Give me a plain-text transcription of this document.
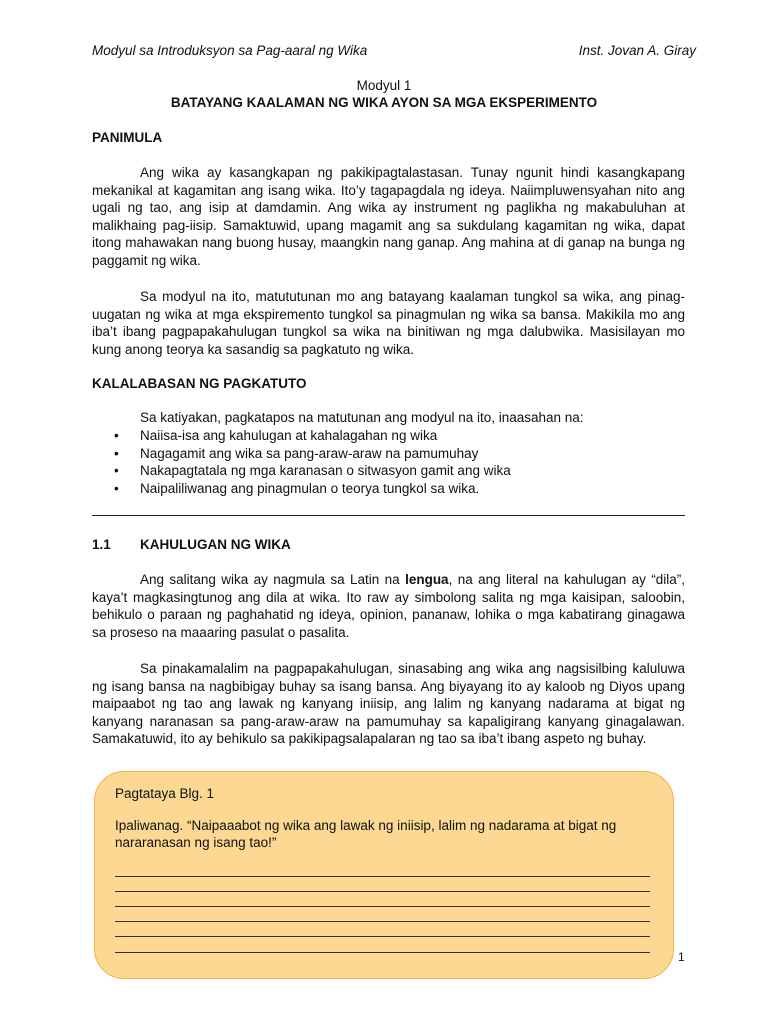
Modyul sa Introduksyon sa Pag-aaral ng Wika	Inst. Jovan A. Giray
Modyul 1
BATAYANG KAALAMAN NG WIKA AYON SA MGA EKSPERIMENTO
PANIMULA

Ang wika ay kasangkapan ng pakikipagtalastasan. Tunay ngunit hindi kasangkapang mekanikal at kagamitan ang isang wika. Ito’y tagapagdala ng ideya. Naiimpluwensyahan nito ang ugali ng tao, ang isip at damdamin. Ang wika ay instrument ng paglikha ng makabuluhan at malikhaing pag-iisip. Samaktuwid, upang magamit ang sa sukdulang kagamitan ng wika, dapat itong mahawakan nang buong husay, maangkin nang ganap. Ang mahina at di ganap na bunga ng paggamit ng wika.

Sa modyul na ito, matututunan mo ang batayang kaalaman tungkol sa wika, ang pinag-uugatan ng wika at mga ekspiremento tungkol sa pinagmulan ng wika sa bansa. Makikila mo ang iba’t ibang pagpapakahulugan tungkol sa wika na binitiwan ng mga dalubwika. Masisilayan mo kung anong teorya ka sasandig sa pagkatuto ng wika.

KALALABASAN NG PAGKATUTO
Sa katiyakan, pagkatapos na matutunan ang modyul na ito, inaasahan na:
• Naiisa-isa ang kahulugan at kahalagahan ng wika
• Nagagamit ang wika sa pang-araw-araw na pamumuhay
• Nakapagtatala ng mga karanasan o sitwasyon gamit ang wika
• Naipaliliwanag ang pinagmulan o teorya tungkol sa wika.
1.1 KAHULUGAN NG WIKA

Ang salitang wika ay nagmula sa Latin na lengua, na ang literal na kahulugan ay “dila”, kaya’t magkasingtunog ang dila at wika. Ito raw ay simbolong salita ng mga kaisipan, saloobin, behikulo o paraan ng paghahatid ng ideya, opinion, pananaw, lohika o mga kabatirang ginagawa sa proseso na maaaring pasulat o pasalita.

Sa pinakamalalim na pagpapakahulugan, sinasabing ang wika ang nagsisilbing kaluluwa ng isang bansa na nagbibigay buhay sa isang bansa. Ang biyayang ito ay kaloob ng Diyos upang maipaabot ng tao ang lawak ng kanyang iniisip, ang lalim ng kanyang nadarama at bigat ng kanyang naranasan sa pang-araw-araw na pamumuhay sa kapaligirang kanyang ginagalawan. Samakatuwid, ito ay behikulo sa pakikipagsalapalaran ng tao sa iba’t ibang aspeto ng buhay.

Pagtataya Blg. 1
Ipaliwanag. “Naipaaabot ng wika ang lawak ng iniisip, lalim ng nadarama at bigat ng nararanasan ng isang tao!”
1
